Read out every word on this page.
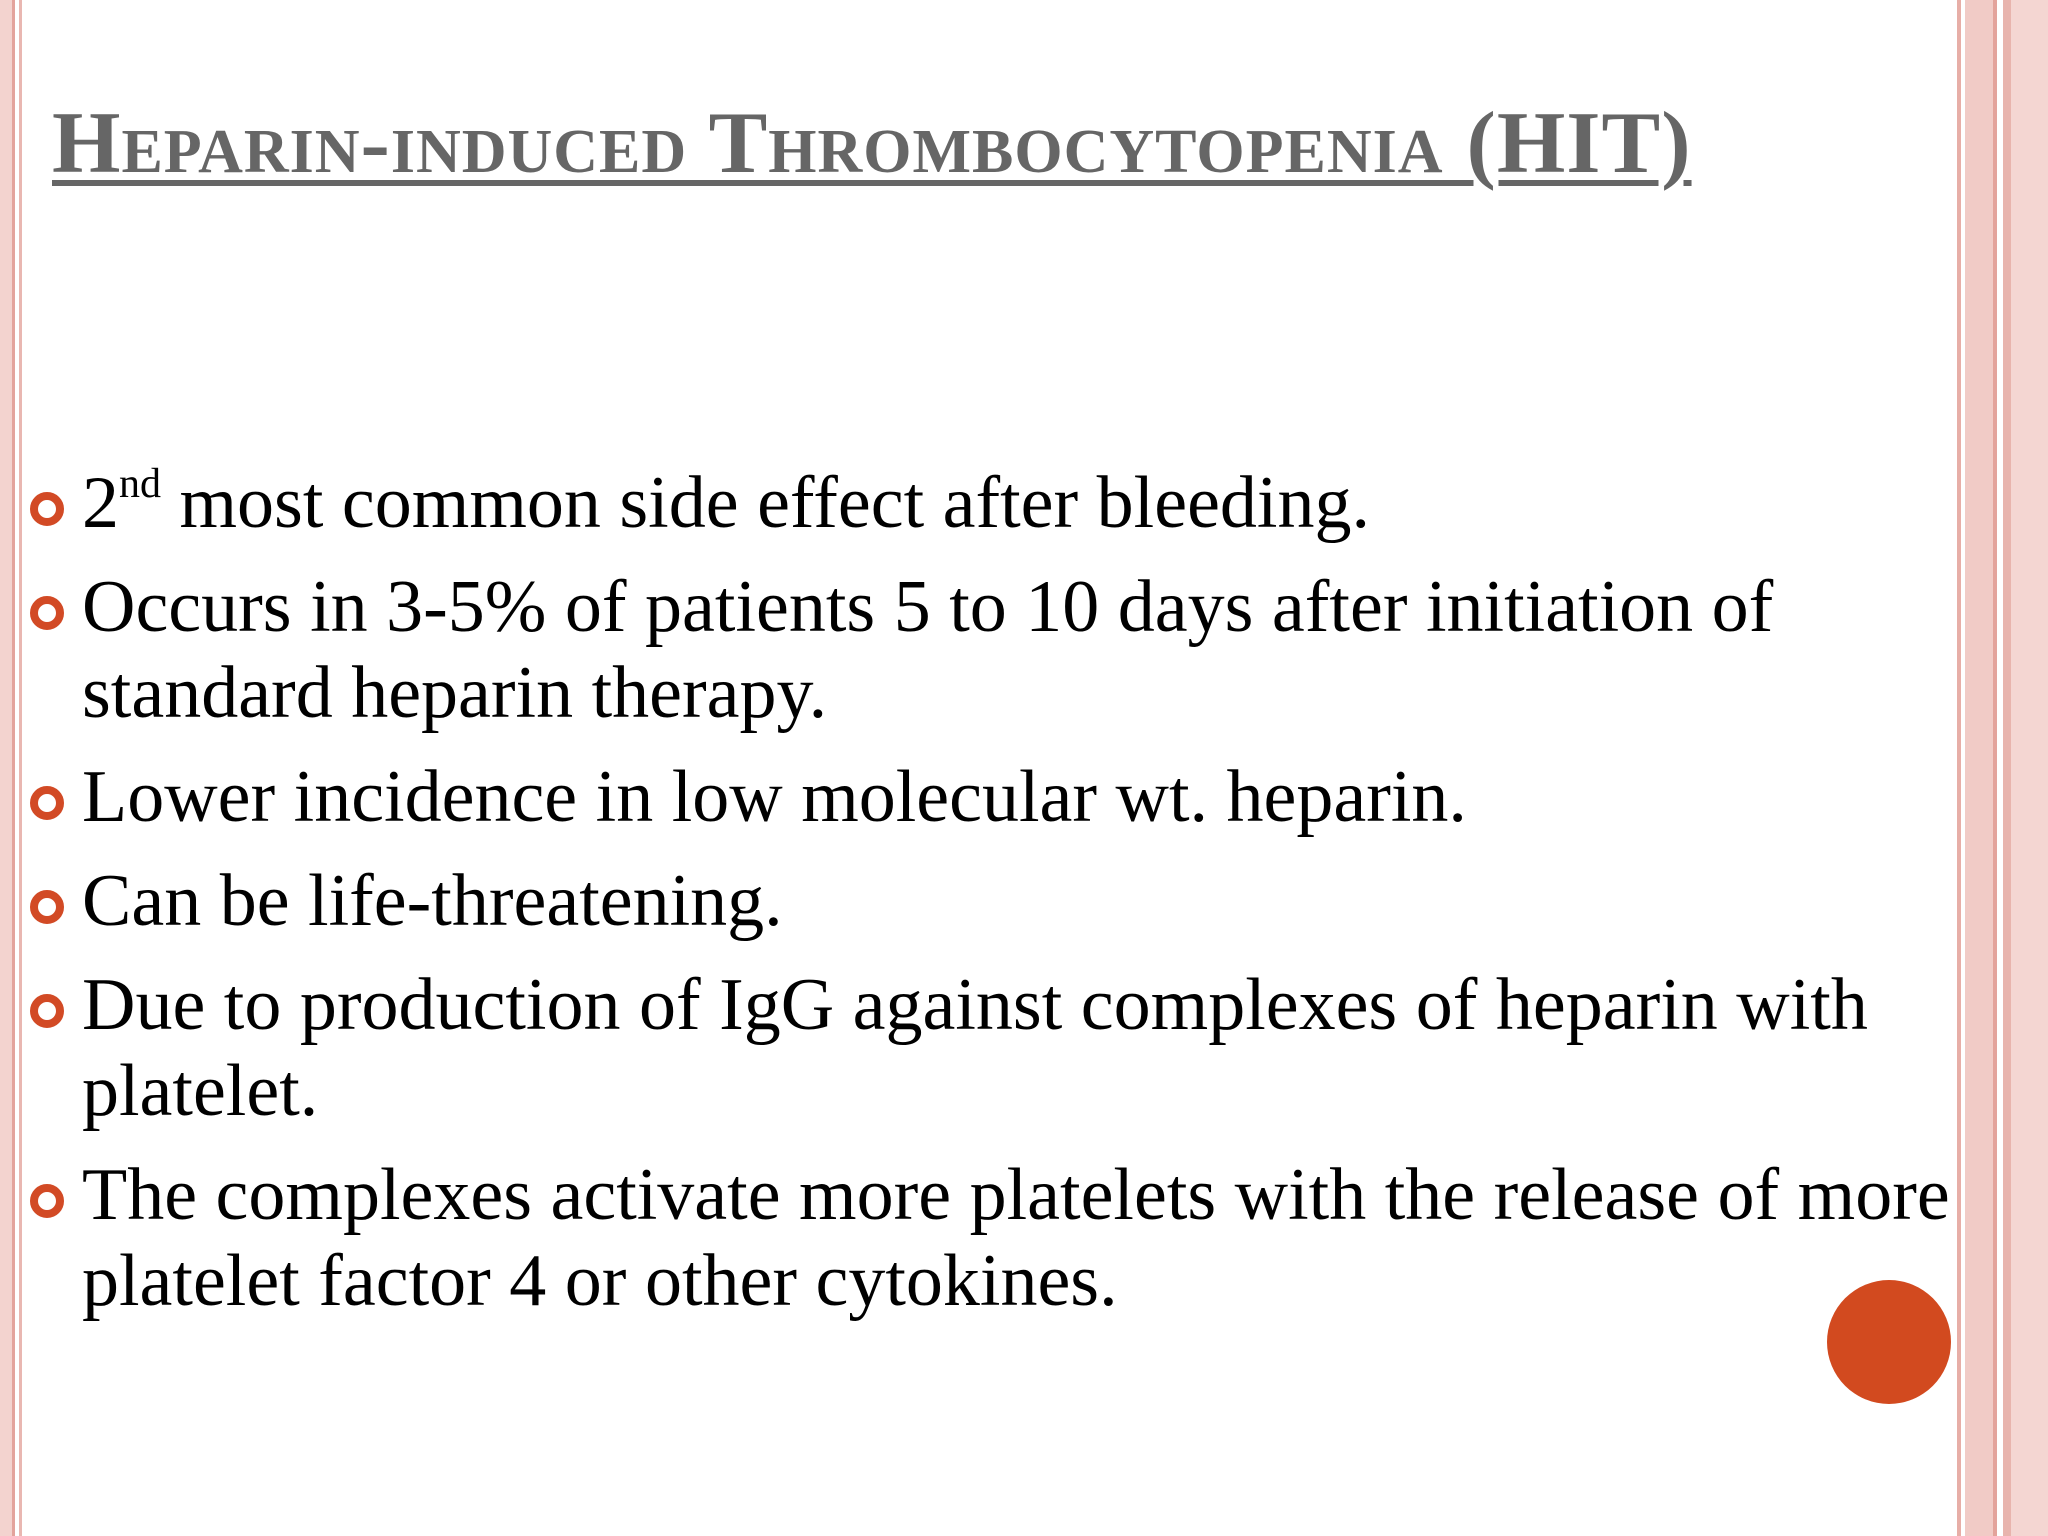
Heparin-induced Thrombocytopenia (HIT)
2nd most common side effect after bleeding.
Occurs in 3-5% of patients 5 to 10 days after initiation of standard heparin therapy.
Lower incidence in low molecular wt. heparin.
Can be life-threatening.
Due to production of IgG against complexes of heparin with platelet.
The complexes activate more platelets with the release of more platelet factor 4 or other cytokines.
